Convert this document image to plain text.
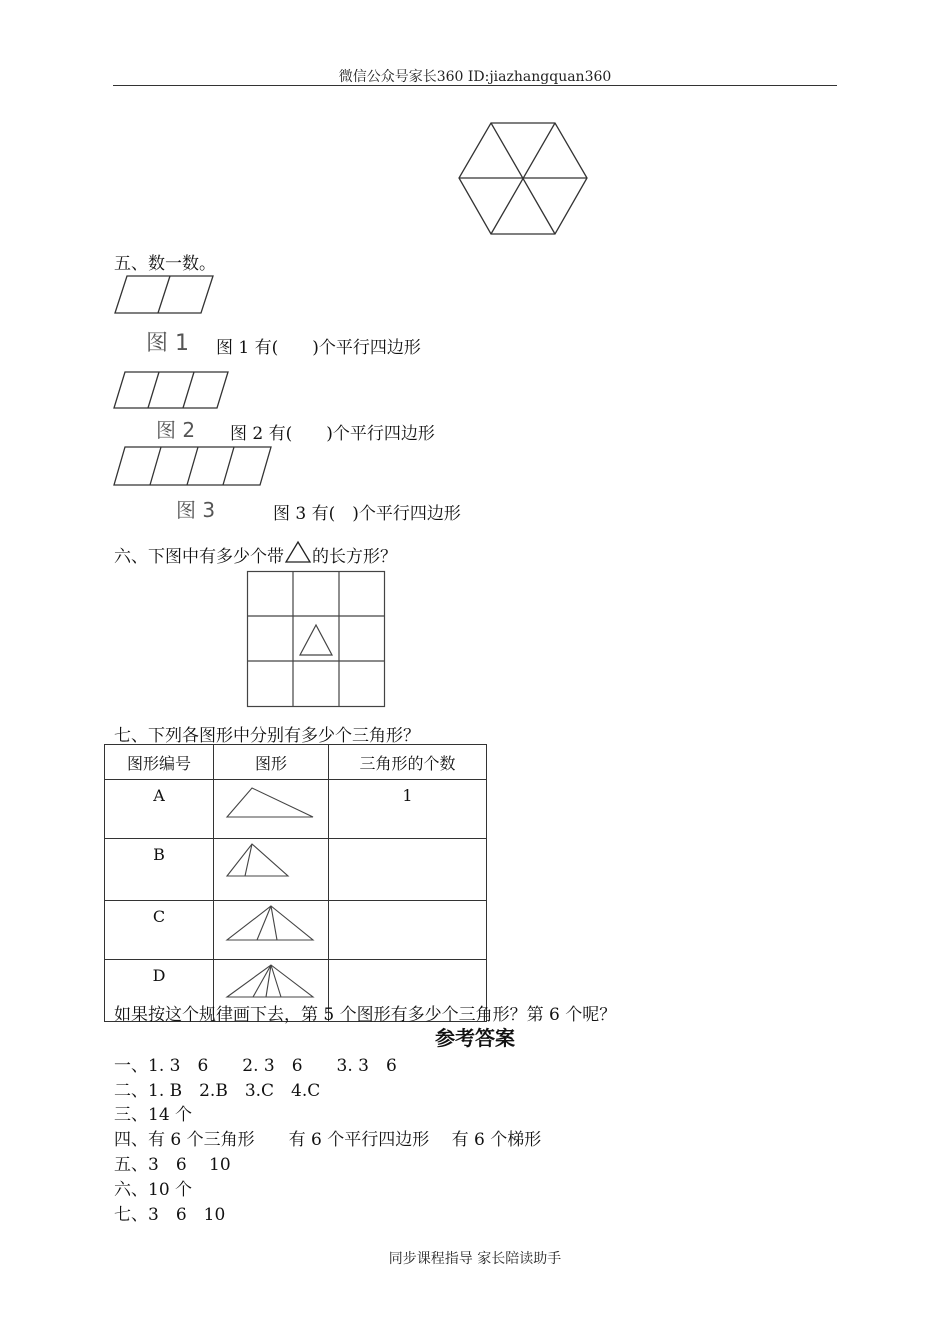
微信公众号家长360 ID:jiazhangquan360
五、数一数。
图 1 图 1 有(　　)个平行四边形
图 2 图 2 有(　　)个平行四边形
图 3	图 3 有(　)个平行四边形
六、下图中有多少个带 的长方形？
七、下列各图形中分别有多少个三角形？
图形编号	图形	三角形的个数
A		1
B	

C	

D	

如果按这个规律画下去，第 5 个图形有多少个三角形？第 6 个呢？
参考答案
一、1. 3　6　　2. 3　6　　3. 3　6
二、1. B　2.B　3.C　4.C
三、14 个
四、有 6 个三角形　　有 6 个平行四边形　 有 6 个梯形
五、3　6　 10
六、10 个
七、3　6　10
同步课程指导 家长陪读助手
